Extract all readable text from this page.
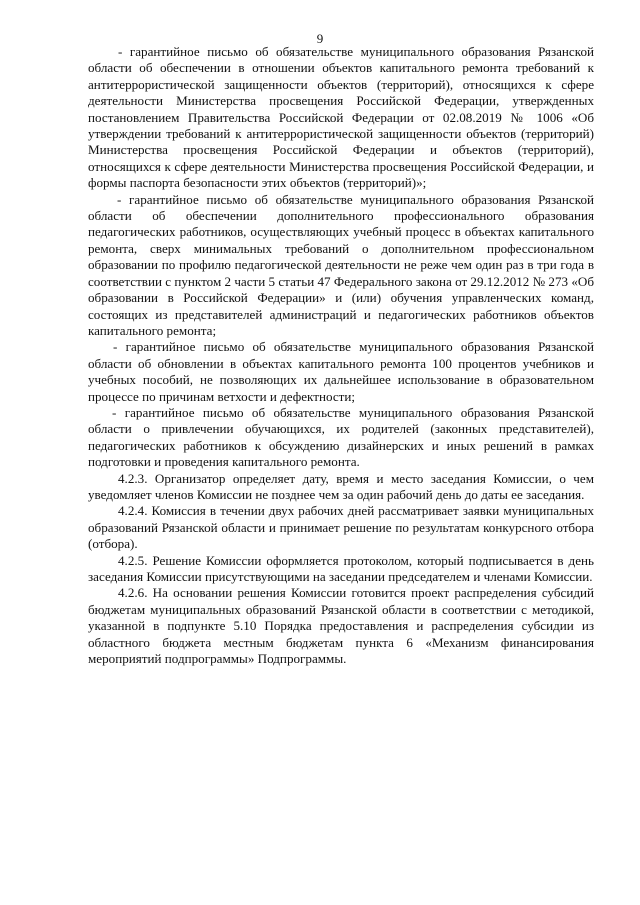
9

- гарантийное письмо об обязательстве муниципального образования Рязанской области об обеспечении в отношении объектов капитального ремонта требований к антитеррористической защищенности объектов (территорий), относящихся к сфере деятельности Министерства просвещения Российской Федерации, утвержденных постановлением Правительства Российской Федерации от 02.08.2019 № 1006 «Об утверждении требований к антитеррористической защищенности объектов (территорий) Министерства просвещения Российской Федерации и объектов (территорий), относящихся к сфере деятельности Министерства просвещения Российской Федерации, и формы паспорта безопасности этих объектов (территорий)»;

- гарантийное письмо об обязательстве муниципального образования Рязанской области об обеспечении дополнительного профессионального образования педагогических работников, осуществляющих учебный процесс в объектах капитального ремонта, сверх минимальных требований о дополнительном профессиональном образовании по профилю педагогической деятельности не реже чем один раз в три года в соответствии с пунктом 2 части 5 статьи 47 Федерального закона от 29.12.2012 № 273 «Об образовании в Российской Федерации» и (или) обучения управленческих команд, состоящих из представителей администраций и педагогических работников объектов капитального ремонта;

- гарантийное письмо об обязательстве муниципального образования Рязанской области об обновлении в объектах капитального ремонта 100 процентов учебников и учебных пособий, не позволяющих их дальнейшее использование в образовательном процессе по причинам ветхости и дефектности;

- гарантийное письмо об обязательстве муниципального образования Рязанской области о привлечении обучающихся, их родителей (законных представителей), педагогических работников к обсуждению дизайнерских и иных решений в рамках подготовки и проведения капитального ремонта.

4.2.3. Организатор определяет дату, время и место заседания Комиссии, о чем уведомляет членов Комиссии не позднее чем за один рабочий день до даты ее заседания.

4.2.4. Комиссия в течении двух рабочих дней рассматривает заявки муниципальных образований Рязанской области и принимает решение по результатам конкурсного отбора (отбора).

4.2.5. Решение Комиссии оформляется протоколом, который подписывается в день заседания Комиссии присутствующими на заседании председателем и членами Комиссии.

4.2.6. На основании решения Комиссии готовится проект распределения субсидий бюджетам муниципальных образований Рязанской области в соответствии с методикой, указанной в подпункте 5.10 Порядка предоставления и распределения субсидии из областного бюджета местным бюджетам пункта 6 «Механизм финансирования мероприятий подпрограммы» Подпрограммы.
